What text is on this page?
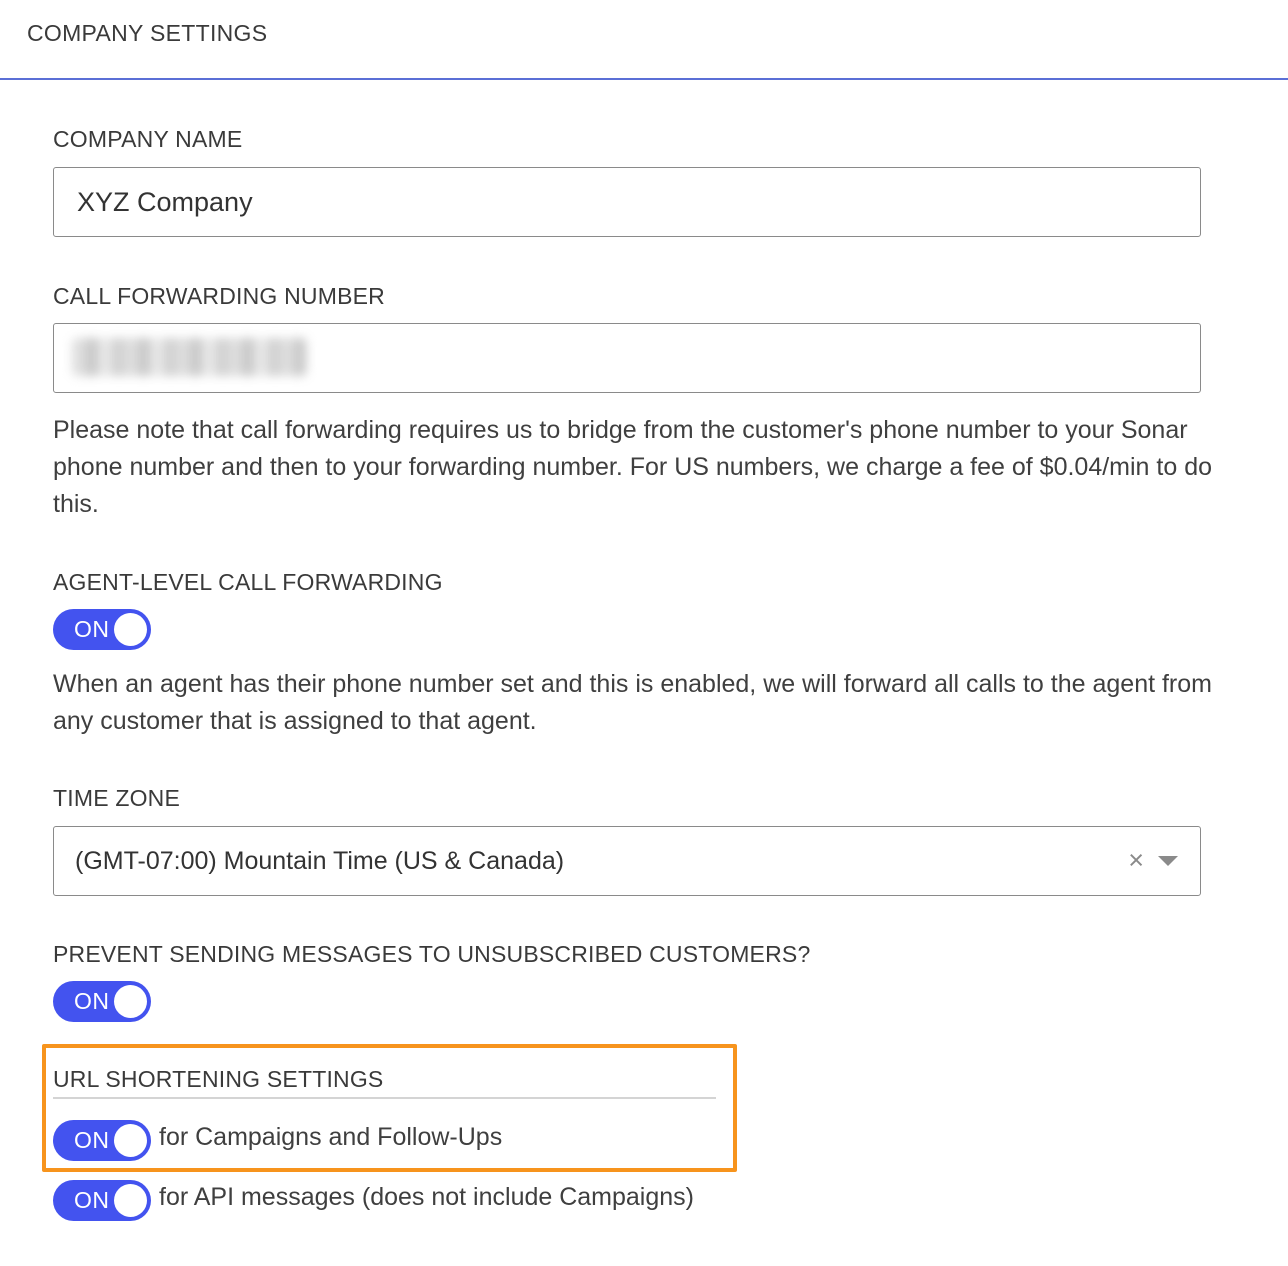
COMPANY SETTINGS
COMPANY NAME
XYZ Company
CALL FORWARDING NUMBER
Please note that call forwarding requires us to bridge from the customer's phone number to your Sonar phone number and then to your forwarding number. For US numbers, we charge a fee of $0.04/min to do this.
AGENT-LEVEL CALL FORWARDING
ON
When an agent has their phone number set and this is enabled, we will forward all calls to the agent from any customer that is assigned to that agent.
TIME ZONE
(GMT-07:00) Mountain Time (US & Canada)	×
PREVENT SENDING MESSAGES TO UNSUBSCRIBED CUSTOMERS?
ON
URL SHORTENING SETTINGS
ON for Campaigns and Follow-Ups
ON for API messages (does not include Campaigns)
